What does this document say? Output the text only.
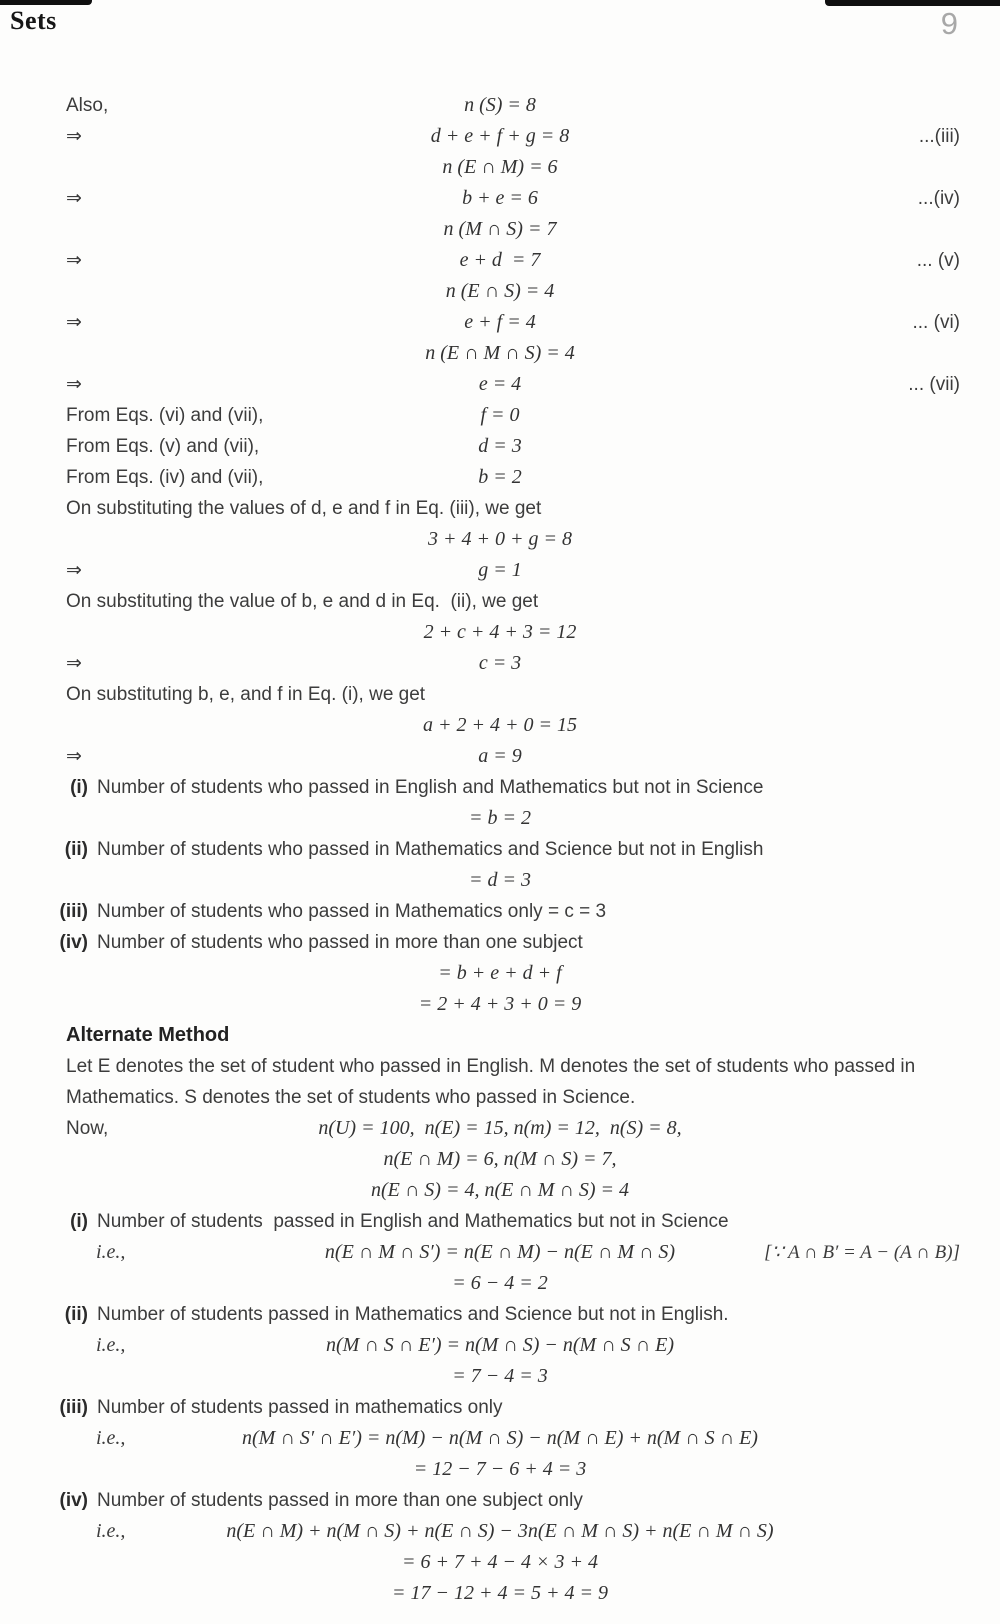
Sets	9
Also,	n (S) = 8
⇒	d + e + f + g = 8	...(iii)
n (E ∩ M) = 6
⇒	b + e = 6	...(iv)
n (M ∩ S) = 7
⇒	e + d  = 7	... (v)
n (E ∩ S) = 4
⇒	e + f = 4	... (vi)
n (E ∩ M ∩ S) = 4
⇒	e = 4	... (vii)
From Eqs. (vi) and (vii),	f = 0
From Eqs. (v) and (vii),	d = 3
From Eqs. (iv) and (vii),	b = 2
On substituting the values of d, e and f in Eq. (iii), we get
3 + 4 + 0 + g = 8
⇒	g = 1
On substituting the value of b, e and d in Eq.  (ii), we get
2 + c + 4 + 3 = 12
⇒	c = 3
On substituting b, e, and f in Eq. (i), we get
a + 2 + 4 + 0 = 15
⇒	a = 9
(i) Number of students who passed in English and Mathematics but not in Science
= b = 2
(ii) Number of students who passed in Mathematics and Science but not in English
= d = 3
(iii) Number of students who passed in Mathematics only = c = 3
(iv) Number of students who passed in more than one subject
= b + e + d + f
= 2 + 4 + 3 + 0 = 9
Alternate Method
Let E denotes the set of student who passed in English. M denotes the set of students who passed in Mathematics. S denotes the set of students who passed in Science.
Now,	n(U) = 100,  n(E) = 15, n(m) = 12,  n(S) = 8,
n(E ∩ M) = 6, n(M ∩ S) = 7,
n(E ∩ S) = 4, n(E ∩ M ∩ S) = 4
(i) Number of students  passed in English and Mathematics but not in Science
i.e.,	n(E ∩ M ∩ S′) = n(E ∩ M) − n(E ∩ M ∩ S)	[∵ A ∩ B′ = A − (A ∩ B)]
= 6 − 4 = 2
(ii) Number of students passed in Mathematics and Science but not in English.
i.e.,	n(M ∩ S ∩ E′) = n(M ∩ S) − n(M ∩ S ∩ E)
= 7 − 4 = 3
(iii) Number of students passed in mathematics only
i.e.,	n(M ∩ S′ ∩ E′) = n(M) − n(M ∩ S) − n(M ∩ E) + n(M ∩ S ∩ E)
= 12 − 7 − 6 + 4 = 3
(iv) Number of students passed in more than one subject only
i.e.,	n(E ∩ M) + n(M ∩ S) + n(E ∩ S) − 3n(E ∩ M ∩ S) + n(E ∩ M ∩ S)
= 6 + 7 + 4 − 4 × 3 + 4
= 17 − 12 + 4 = 5 + 4 = 9
